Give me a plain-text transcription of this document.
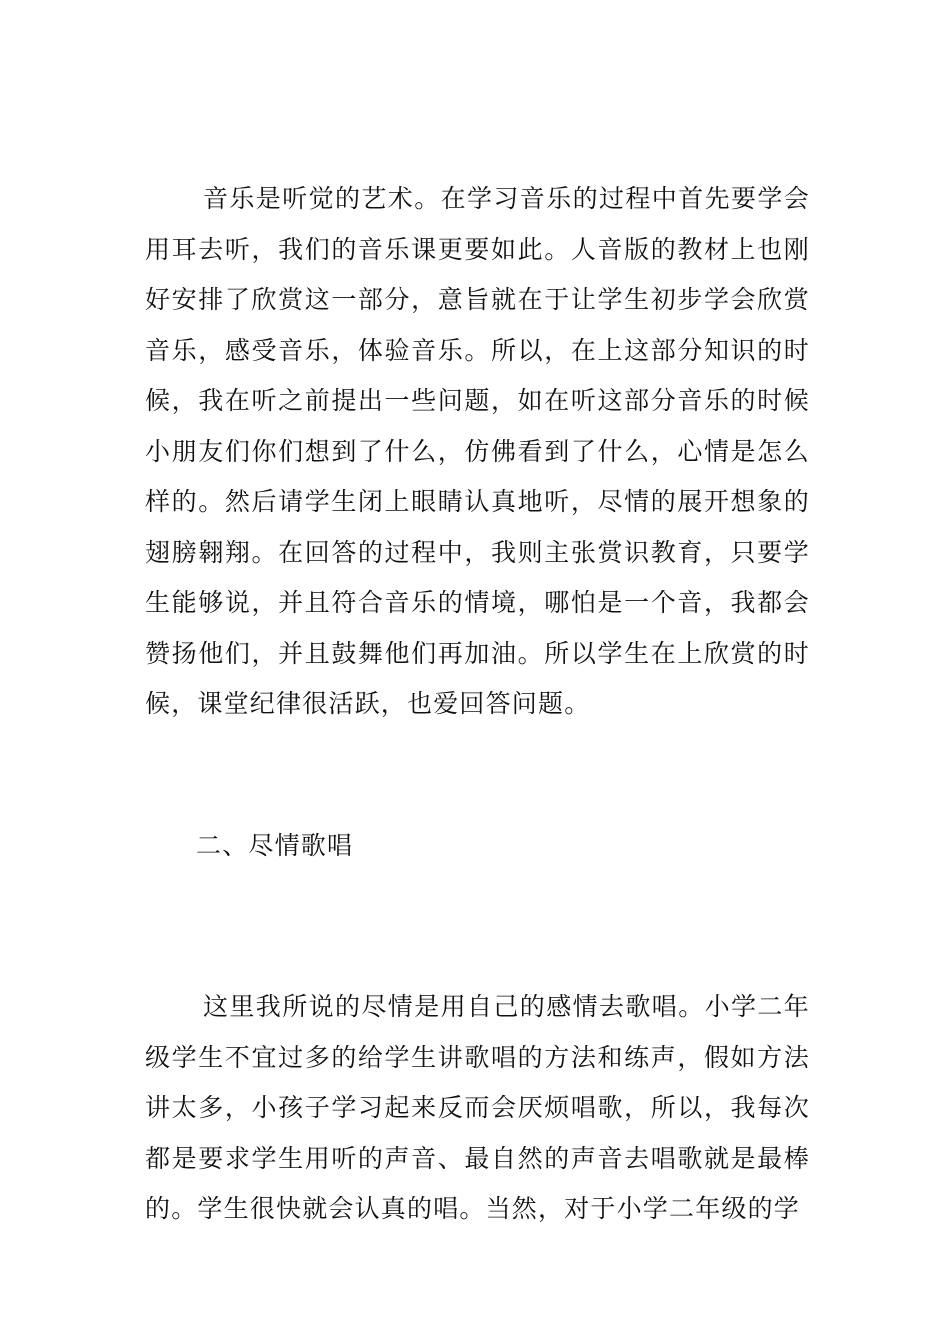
音乐是听觉的艺术。在学习音乐的过程中首先要学会用耳去听，我们的音乐课更要如此。人音版的教材上也刚好安排了欣赏这一部分，意旨就在于让学生初步学会欣赏音乐，感受音乐，体验音乐。所以，在上这部分知识的时候，我在听之前提出一些问题，如在听这部分音乐的时候小朋友们你们想到了什么，仿佛看到了什么，心情是怎么样的。然后请学生闭上眼睛认真地听，尽情的展开想象的翅膀翱翔。在回答的过程中，我则主张赏识教育，只要学生能够说，并且符合音乐的情境，哪怕是一个音，我都会赞扬他们，并且鼓舞他们再加油。所以学生在上欣赏的时候，课堂纪律很活跃，也爱回答问题。

二、尽情歌唱

这里我所说的尽情是用自己的感情去歌唱。小学二年级学生不宜过多的给学生讲歌唱的方法和练声，假如方法讲太多，小孩子学习起来反而会厌烦唱歌，所以，我每次都是要求学生用听的声音、最自然的声音去唱歌就是最棒的。学生很快就会认真的唱。当然，对于小学二年级的学
